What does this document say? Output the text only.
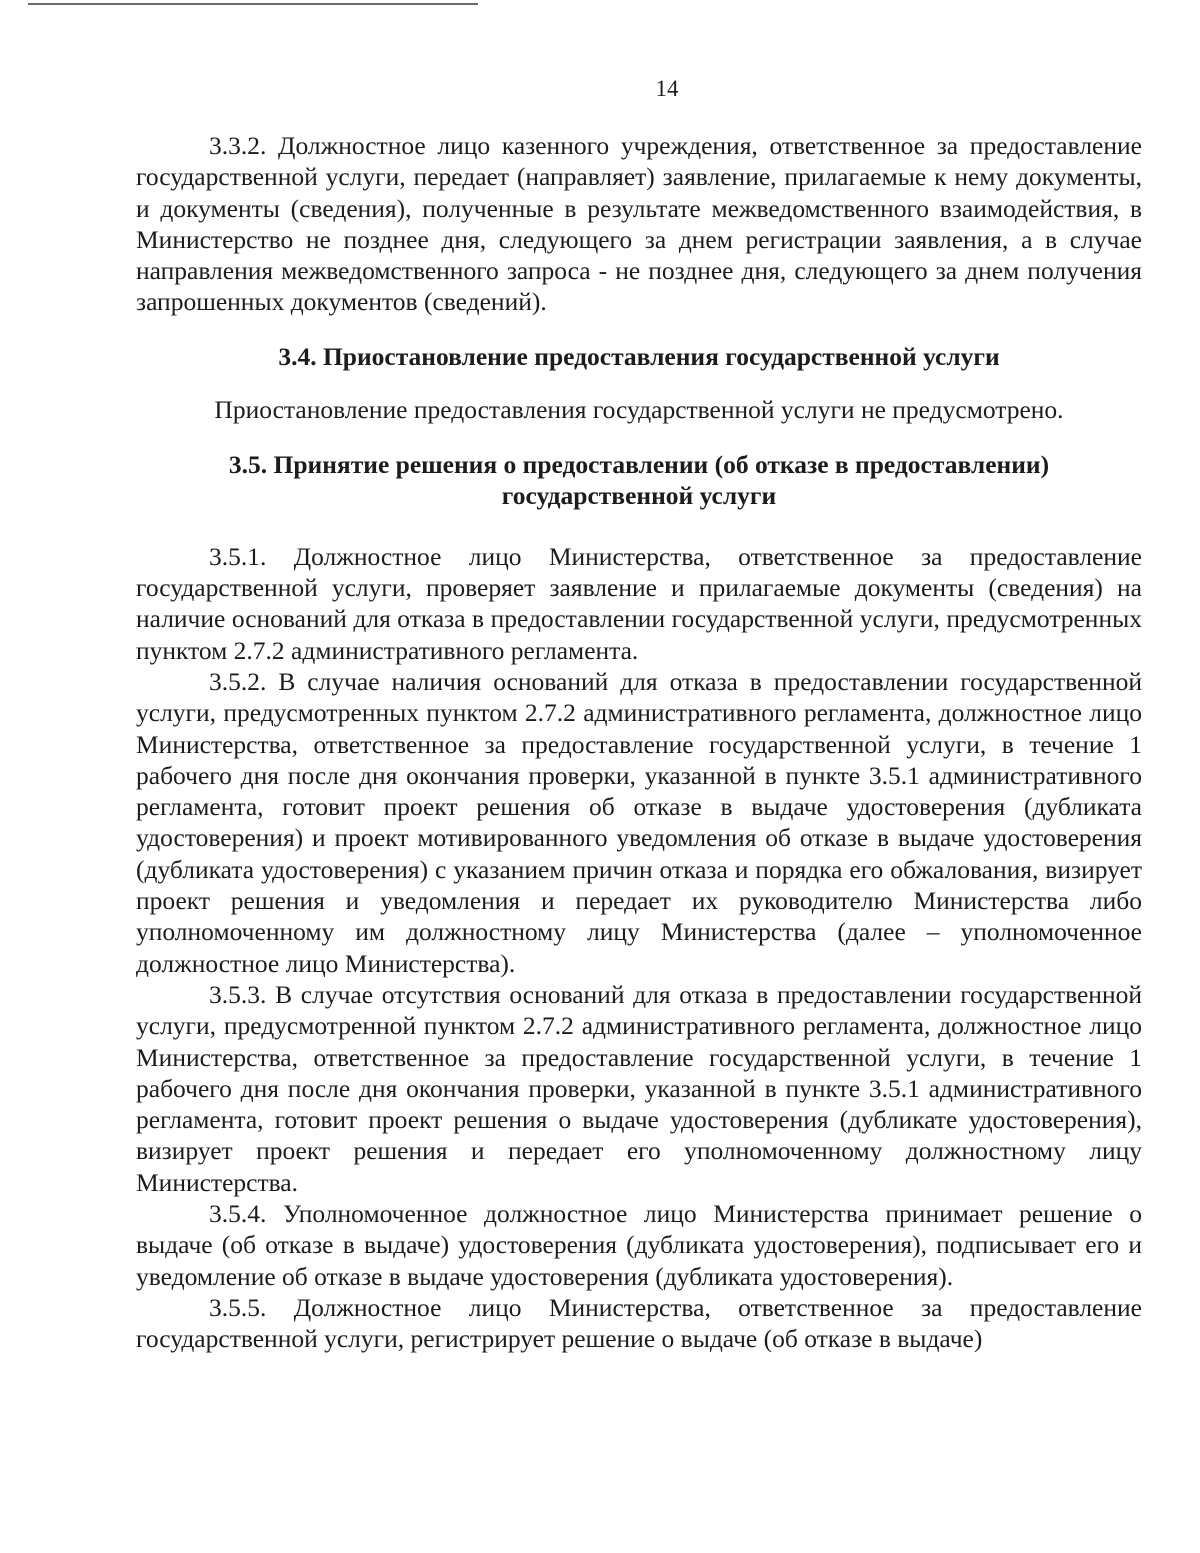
14

3.3.2. Должностное лицо казенного учреждения, ответственное за предоставление государственной услуги, передает (направляет) заявление, прилагаемые к нему документы, и документы (сведения), полученные в результате межведомственного взаимодействия, в Министерство не позднее дня, следующего за днем регистрации заявления, а в случае направления межведомственного запроса - не позднее дня, следующего за днем получения запрошенных документов (сведений).

3.4. Приостановление предоставления государственной услуги

Приостановление предоставления государственной услуги не предусмотрено.

3.5. Принятие решения о предоставлении (об отказе в предоставлении)

государственной услуги

3.5.1. Должностное лицо Министерства, ответственное за предоставление государственной услуги, проверяет заявление и прилагаемые документы (сведения) на наличие оснований для отказа в предоставлении государственной услуги, предусмотренных пунктом 2.7.2 административного регламента.

3.5.2. В случае наличия оснований для отказа в предоставлении государственной услуги, предусмотренных пунктом 2.7.2 административного регламента, должностное лицо Министерства, ответственное за предоставление государственной услуги, в течение 1 рабочего дня после дня окончания проверки, указанной в пункте 3.5.1 административного регламента, готовит проект решения об отказе в выдаче удостоверения (дубликата удостоверения) и проект мотивированного уведомления об отказе в выдаче удостоверения (дубликата удостоверения) с указанием причин отказа и порядка его обжалования, визирует проект решения и уведомления и передает их руководителю Министерства либо уполномоченному им должностному лицу Министерства (далее – уполномоченное должностное лицо Министерства).

3.5.3. В случае отсутствия оснований для отказа в предоставлении государственной услуги, предусмотренной пунктом 2.7.2 административного регламента, должностное лицо Министерства, ответственное за предоставление государственной услуги, в течение 1 рабочего дня после дня окончания проверки, указанной в пункте 3.5.1 административного регламента, готовит проект решения о выдаче удостоверения (дубликате удостоверения), визирует проект решения и передает его уполномоченному должностному лицу Министерства.

3.5.4. Уполномоченное должностное лицо Министерства принимает решение о выдаче (об отказе в выдаче) удостоверения (дубликата удостоверения), подписывает его и уведомление об отказе в выдаче удостоверения (дубликата удостоверения).

3.5.5. Должностное лицо Министерства, ответственное за предоставление государственной услуги, регистрирует решение о выдаче (об отказе в выдаче)
